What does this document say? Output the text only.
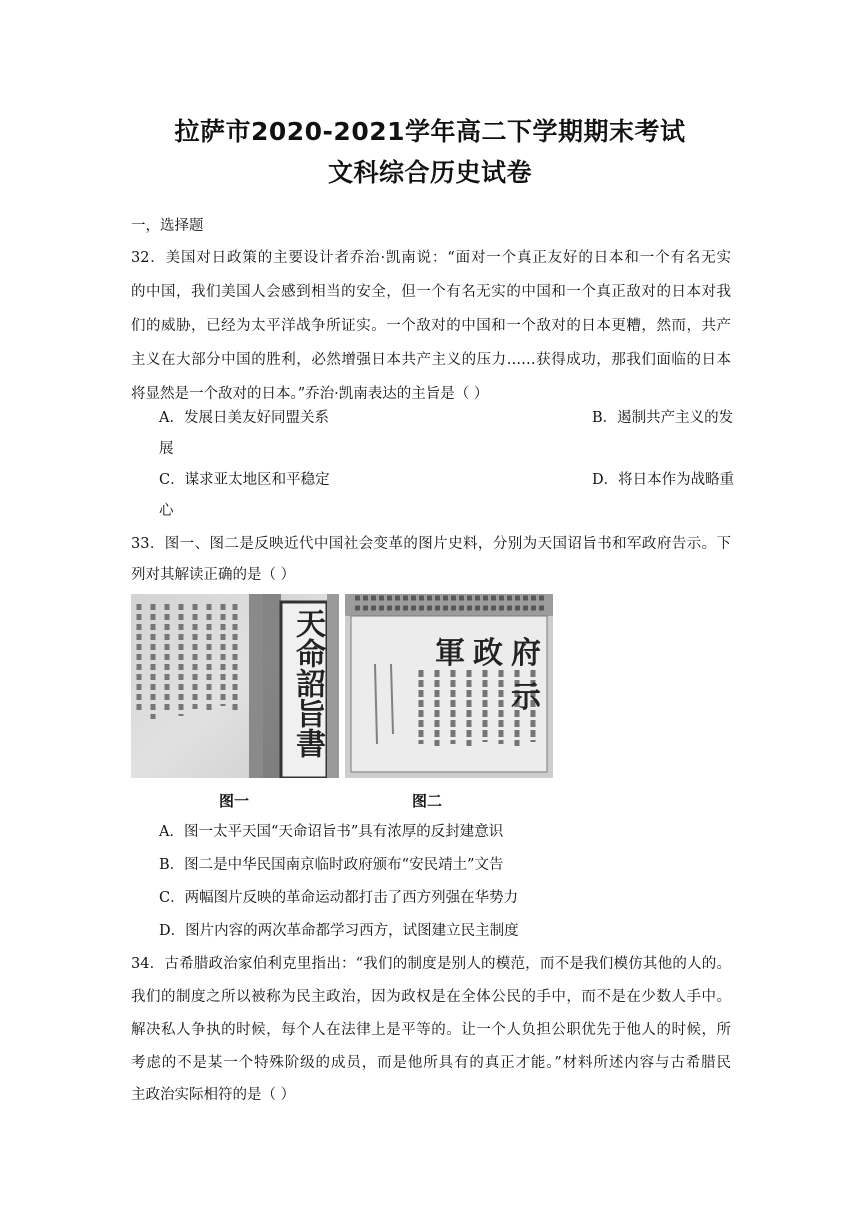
拉萨市2020-2021学年高二下学期期末考试
文科综合历史试卷
一，选择题
32．美国对日政策的主要设计者乔治·凯南说：“面对一个真正友好的日本和一个有名无实
的中国，我们美国人会感到相当的安全，但一个有名无实的中国和一个真正敌对的日本对我
们的威胁，已经为太平洋战争所证实。一个敌对的中国和一个敌对的日本更糟，然而，共产
主义在大部分中国的胜利，必然增强日本共产主义的压力……获得成功，那我们面临的日本
将显然是一个敌对的日本。”乔治·凯南表达的主旨是（ ）
A．发展日美友好同盟关系	B．遏制共产主义的发
展
C．谋求亚太地区和平稳定	D．将日本作为战略重
心
33．图一、图二是反映近代中国社会变革的图片史料，分别为天国诏旨书和军政府告示。下
列对其解读正确的是（ ）
天命詔旨書	軍政府示
图一	图二
A．图一太平天国“天命诏旨书”具有浓厚的反封建意识
B．图二是中华民国南京临时政府颁布“安民靖土”文告
C．两幅图片反映的革命运动都打击了西方列强在华势力
D．图片内容的两次革命都学习西方，试图建立民主制度
34．古希腊政治家伯利克里指出：“我们的制度是别人的模范，而不是我们模仿其他的人的。
我们的制度之所以被称为民主政治，因为政权是在全体公民的手中，而不是在少数人手中。
解决私人争执的时候，每个人在法律上是平等的。让一个人负担公职优先于他人的时候，所
考虑的不是某一个特殊阶级的成员，而是他所具有的真正才能。”材料所述内容与古希腊民
主政治实际相符的是（ ）
